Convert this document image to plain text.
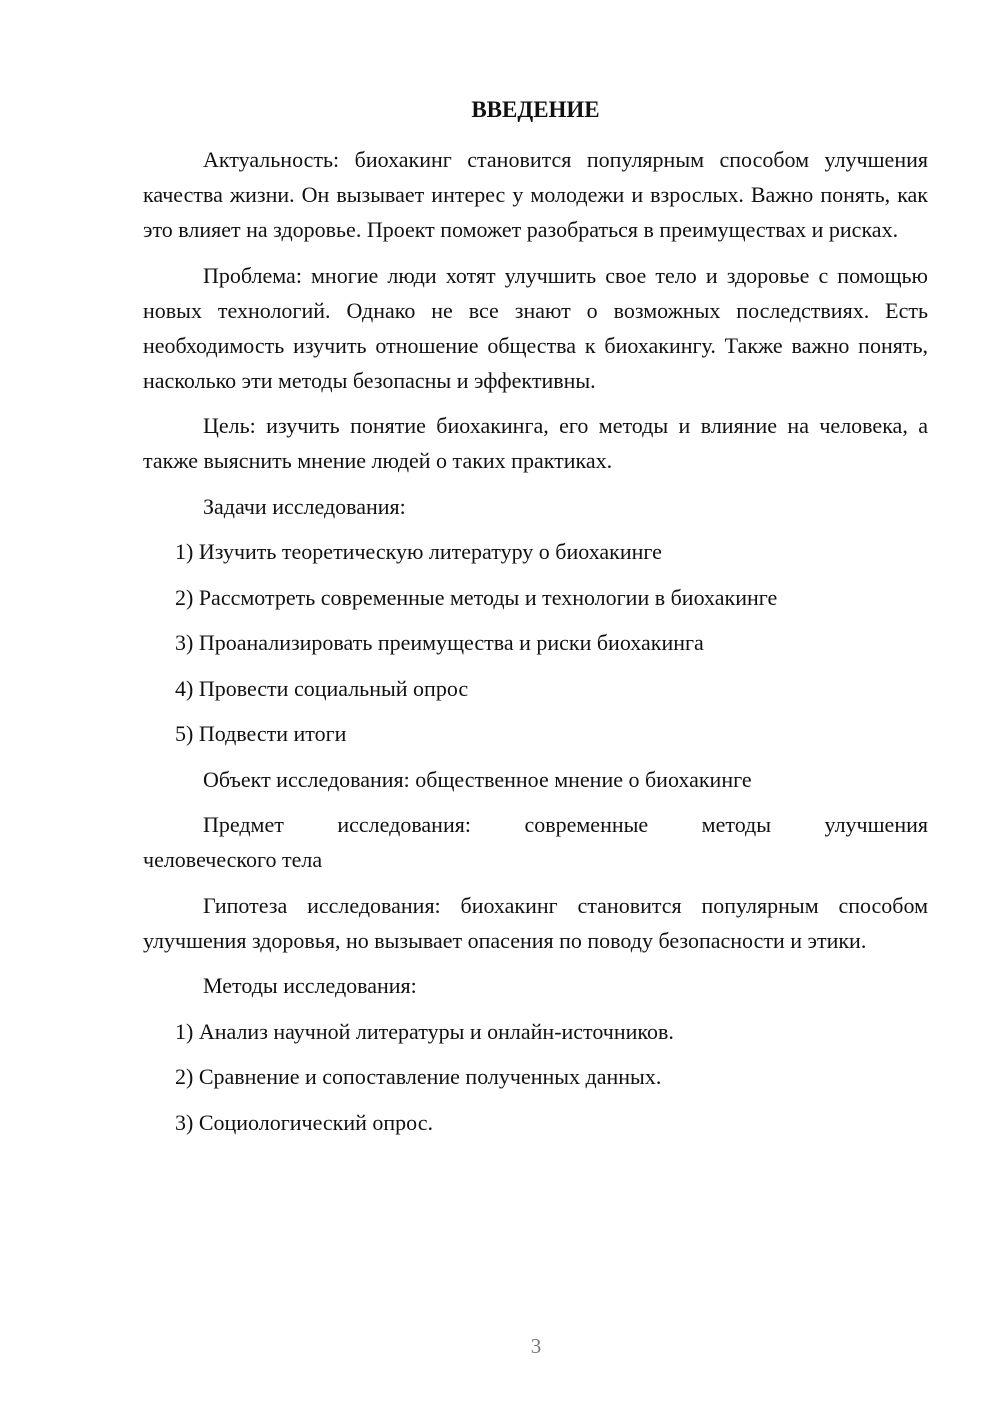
ВВЕДЕНИЕ

Актуальность: биохакинг становится популярным способом улучшения качества жизни. Он вызывает интерес у молодежи и взрослых. Важно понять, как это влияет на здоровье. Проект поможет разобраться в преимуществах и рисках.

Проблема: многие люди хотят улучшить свое тело и здоровье с помощью новых технологий. Однако не все знают о возможных последствиях. Есть необходимость изучить отношение общества к биохакингу. Также важно понять, насколько эти методы безопасны и эффективны.

Цель: изучить понятие биохакинга, его методы и влияние на человека, а также выяснить мнение людей о таких практиках.

Задачи исследования:
1) Изучить теоретическую литературу о биохакинге
2) Рассмотреть современные методы и технологии в биохакинге
3) Проанализировать преимущества и риски биохакинга
4) Провести социальный опрос
5) Подвести итоги
Объект исследования: общественное мнение о биохакинге
Предмет исследования: современные методы улучшения
человеческого тела

Гипотеза исследования: биохакинг становится популярным способом улучшения здоровья, но вызывает опасения по поводу безопасности и этики.

Методы исследования:
1) Анализ научной литературы и онлайн-источников.
2) Сравнение и сопоставление полученных данных.
3) Социологический опрос.
3
